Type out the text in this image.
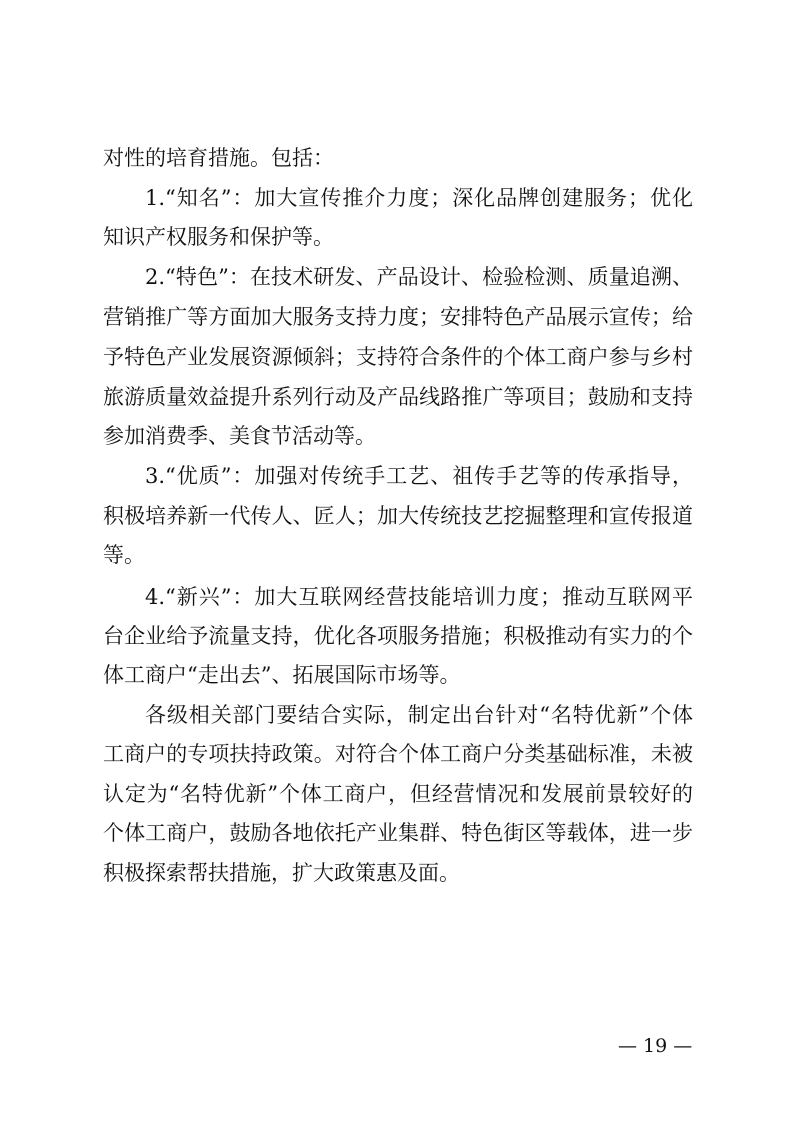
对性的培育措施。包括：
1.“知名”：加大宣传推介力度；深化品牌创建服务；优化
知识产权服务和保护等。
2.“特色”：在技术研发、产品设计、检验检测、质量追溯、
营销推广等方面加大服务支持力度；安排特色产品展示宣传；给
予特色产业发展资源倾斜；支持符合条件的个体工商户参与乡村
旅游质量效益提升系列行动及产品线路推广等项目；鼓励和支持
参加消费季、美食节活动等。
3.“优质”：加强对传统手工艺、祖传手艺等的传承指导，
积极培养新一代传人、匠人；加大传统技艺挖掘整理和宣传报道
等。
4.“新兴”：加大互联网经营技能培训力度；推动互联网平
台企业给予流量支持，优化各项服务措施；积极推动有实力的个
体工商户“走出去”、拓展国际市场等。
各级相关部门要结合实际，制定出台针对“名特优新”个体
工商户的专项扶持政策。对符合个体工商户分类基础标准，未被
认定为“名特优新”个体工商户，但经营情况和发展前景较好的
个体工商户，鼓励各地依托产业集群、特色街区等载体，进一步
积极探索帮扶措施，扩大政策惠及面。
— 19 —
